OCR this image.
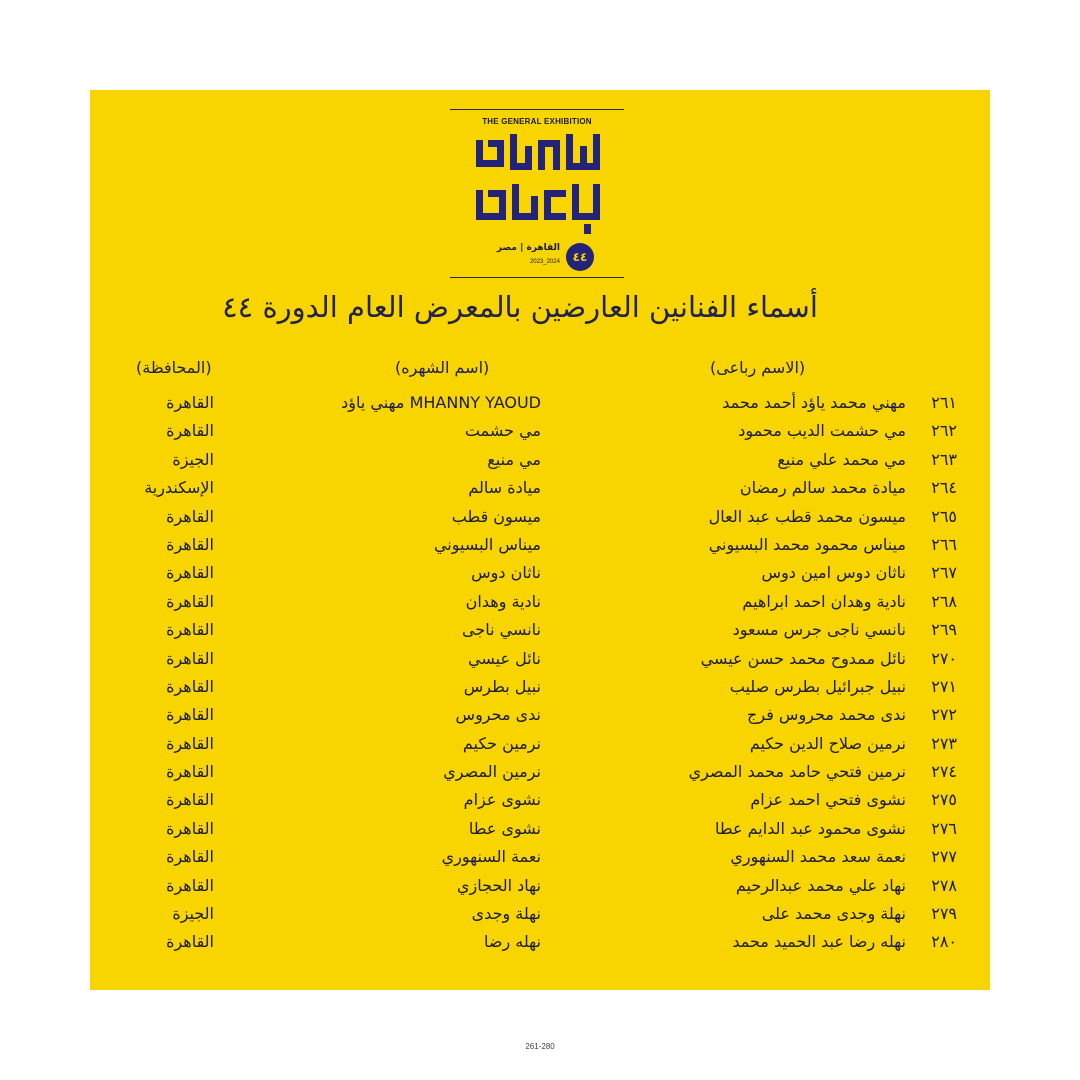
THE GENERAL EXHIBITION
٤٤
القاهرة | مصر
2023_2024
أسماء الفنانين العارضين بالمعرض العام الدورة ٤٤
(الاسم رباعى)
(اسم الشهره)
(المحافظة)
٢٦١
مهني محمد ياؤد أحمد محمد
MHANNY YAOUD مهني ياؤد
القاهرة
٢٦٢
مي حشمت الديب محمود
مي حشمت
القاهرة
٢٦٣
مي محمد علي منيع
مي منيع
الجيزة
٢٦٤
ميادة محمد سالم رمضان
ميادة سالم
الإسكندرية
٢٦٥
ميسون محمد قطب عبد العال
ميسون قطب
القاهرة
٢٦٦
ميناس محمود محمد البسيوني
ميناس البسيوني
القاهرة
٢٦٧
ناثان دوس امين دوس
ناثان دوس
القاهرة
٢٦٨
نادية وهدان احمد ابراهيم
نادية وهدان
القاهرة
٢٦٩
نانسي ناجى جرس مسعود
نانسي ناجى
القاهرة
٢٧٠
نائل ممدوح محمد حسن عيسي
نائل عيسي
القاهرة
٢٧١
نبيل جبرائيل بطرس صليب
نبيل بطرس
القاهرة
٢٧٢
ندى محمد محروس فرج
ندى محروس
القاهرة
٢٧٣
نرمين صلاح الدين حكيم
نرمين حكيم
القاهرة
٢٧٤
نرمين فتحي حامد محمد المصري
نرمين المصري
القاهرة
٢٧٥
نشوى فتحي احمد عزام
نشوى عزام
القاهرة
٢٧٦
نشوى محمود عبد الدايم عطا
نشوى عطا
القاهرة
٢٧٧
نعمة سعد محمد السنهوري
نعمة السنهوري
القاهرة
٢٧٨
نهاد علي محمد عبدالرحيم
نهاد الحجازي
القاهرة
٢٧٩
نهلة وجدى محمد على
نهلة وجدى
الجيزة
٢٨٠
نهله رضا عبد الحميد محمد
نهله رضا
القاهرة
261-280
